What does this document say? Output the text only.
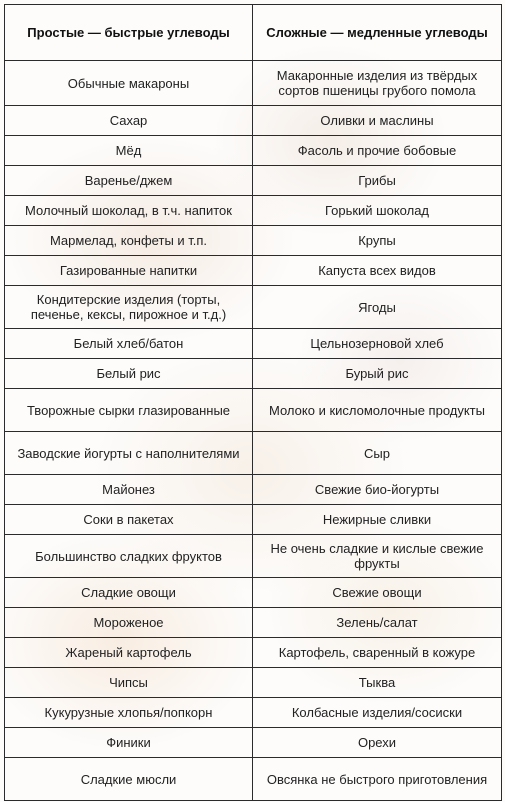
Простые — быстрые углеводы	Сложные — медленные углеводы
Обычные макароны	Макаронные изделия из твёрдых сортов пшеницы грубого помола
Сахар	Оливки и маслины
Мёд	Фасоль и прочие бобовые
Варенье/джем	Грибы
Молочный шоколад, в т.ч. напиток	Горький шоколад
Мармелад, конфеты и т.п.	Крупы
Газированные напитки	Капуста всех видов
Кондитерские изделия (торты, печенье, кексы, пирожное и т.д.)	Ягоды
Белый хлеб/батон	Цельнозерновой хлеб
Белый рис	Бурый рис
Творожные сырки глазированные	Молоко и кисломолочные продукты
Заводские йогурты с наполнителями	Сыр
Майонез	Свежие био-йогурты
Соки в пакетах	Нежирные сливки
Большинство сладких фруктов	Не очень сладкие и кислые свежие фрукты
Сладкие овощи	Свежие овощи
Мороженое	Зелень/салат
Жареный картофель	Картофель, сваренный в кожуре
Чипсы	Тыква
Кукурузные хлопья/попкорн	Колбасные изделия/сосиски
Финики	Орехи
Сладкие мюсли	Овсянка не быстрого приготовления
